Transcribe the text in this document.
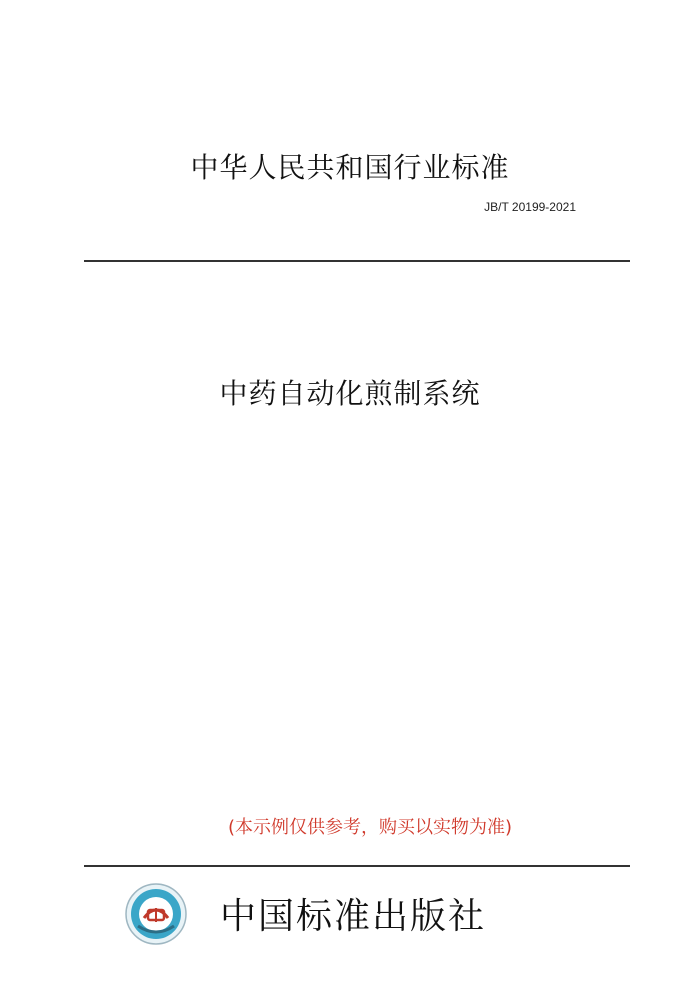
中华人民共和国行业标准
JB/T 20199-2021
中药自动化煎制系统
(本示例仅供参考，购买以实物为准)
中国标准出版社
